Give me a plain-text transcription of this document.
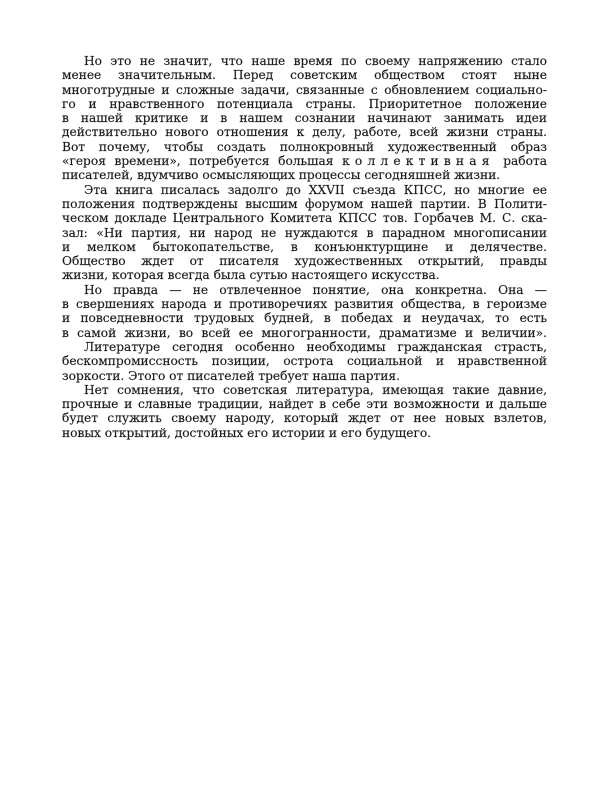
Но это не значит, что наше время по своему напряжению стало
менее значительным. Перед советским обществом стоят ныне
многотрудные и сложные задачи, связанные с обновлением социально-
го и нравственного потенциала страны. Приоритетное положение
в нашей критике и в нашем сознании начинают занимать идеи
действительно нового отношения к делу, работе, всей жизни страны.
Вот почему, чтобы создать полнокровный художественный образ
«героя времени», потребуется большая коллективная работа
писателей, вдумчиво осмысляющих процессы сегодняшней жизни.
Эта книга писалась задолго до XXVII съезда КПСС, но многие ее
положения подтверждены высшим форумом нашей партии. В Полити-
ческом докладе Центрального Комитета КПСС тов. Горбачев М. С. ска-
зал: «Ни партия, ни народ не нуждаются в парадном многописании
и мелком бытокопательстве, в конъюнктурщине и делячестве.
Общество ждет от писателя художественных открытий, правды
жизни, которая всегда была сутью настоящего искусства.
Но правда — не отвлеченное понятие, она конкретна. Она —
в свершениях народа и противоречиях развития общества, в героизме
и повседневности трудовых будней, в победах и неудачах, то есть
в самой жизни, во всей ее многогранности, драматизме и величии».
Литературе сегодня особенно необходимы гражданская страсть,
бескомпромиссность позиции, острота социальной и нравственной
зоркости. Этого от писателей требует наша партия.
Нет сомнения, что советская литература, имеющая такие давние,
прочные и славные традиции, найдет в себе эти возможности и дальше
будет служить своему народу, который ждет от нее новых взлетов,
новых открытий, достойных его истории и его будущего.
